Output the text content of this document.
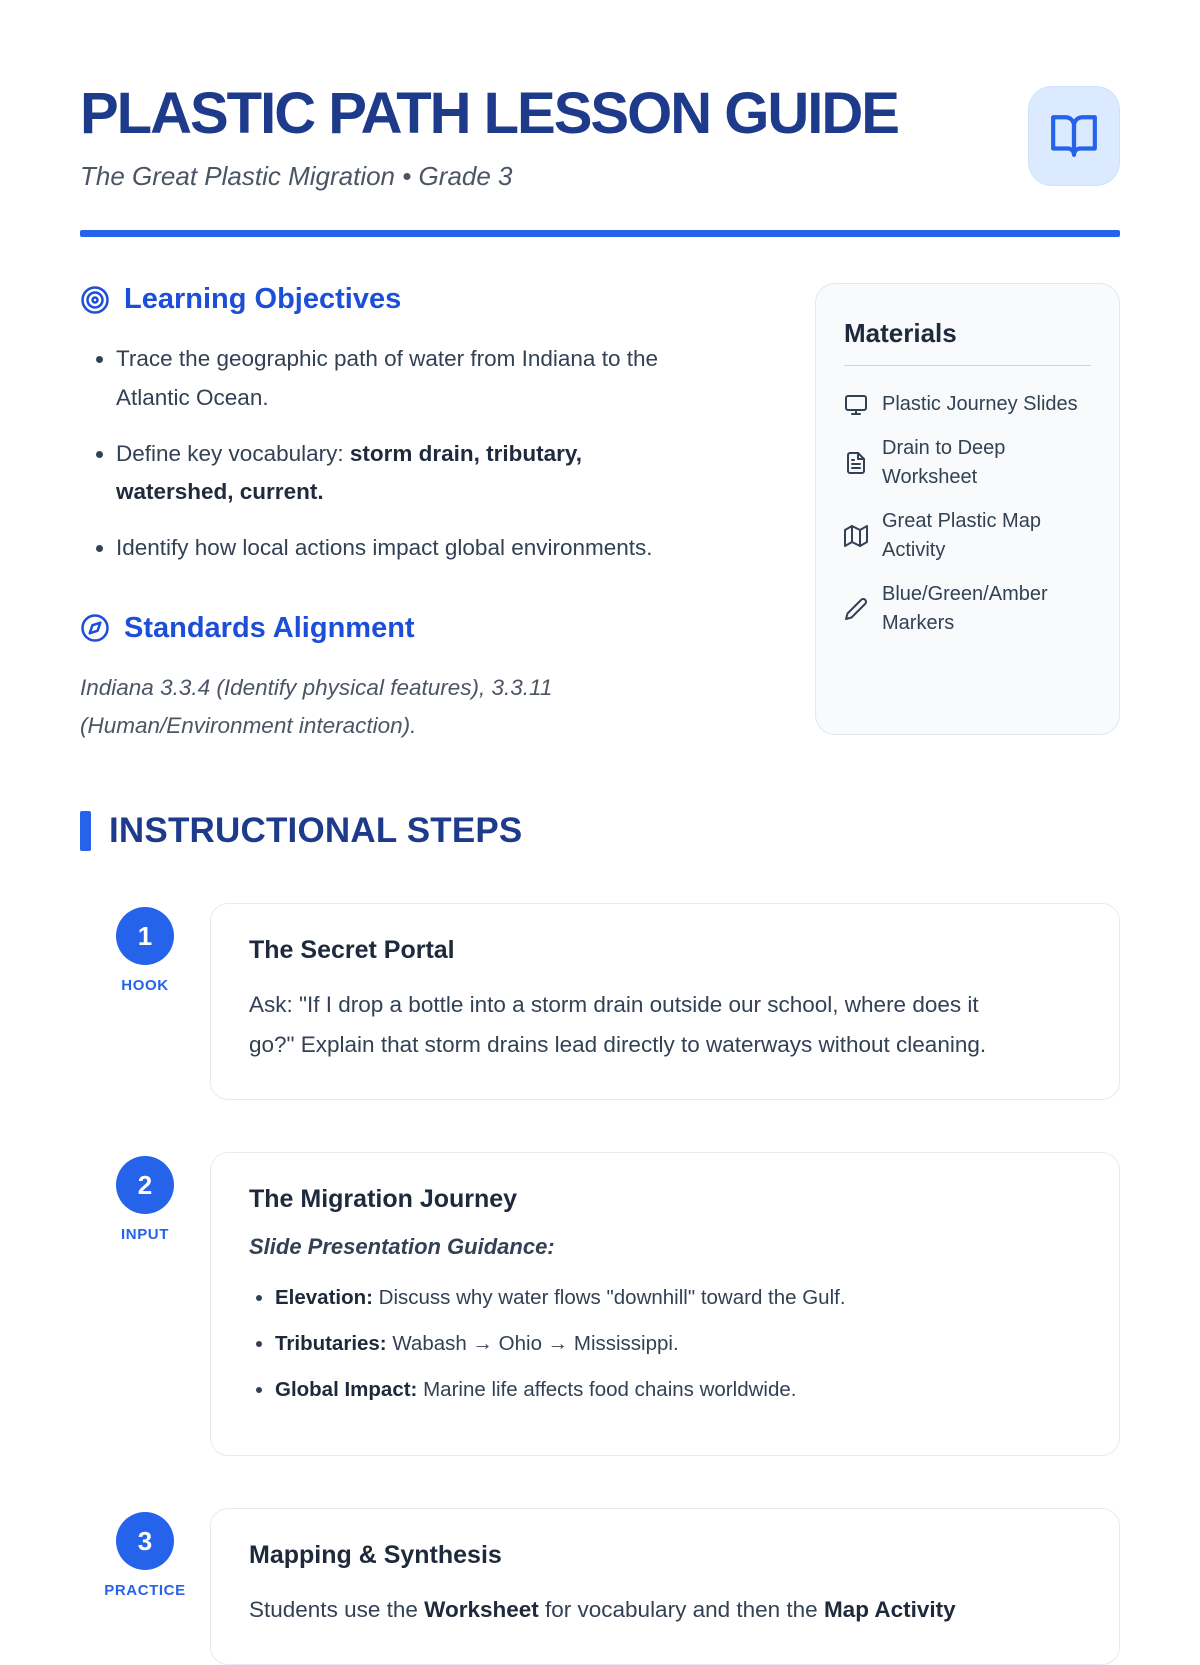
PLASTIC PATH LESSON GUIDE

The Great Plastic Migration • Grade 3

Learning Objectives
• Trace the geographic path of water from Indiana to the Atlantic Ocean.
• Define key vocabulary: storm drain, tributary, watershed, current.
• Identify how local actions impact global environments.
Standards Alignment

Indiana 3.3.4 (Identify physical features), 3.3.11 (Human/Environment interaction).

Materials
Plastic Journey Slides
Drain to Deep Worksheet
Great Plastic Map Activity
Blue/Green/Amber Markers
INSTRUCTIONAL STEPS
1
HOOK
The Secret Portal

Ask: "If I drop a bottle into a storm drain outside our school, where does it go?" Explain that storm drains lead directly to waterways without cleaning.

2
INPUT
The Migration Journey

Slide Presentation Guidance:

• Elevation: Discuss why water flows "downhill" toward the Gulf.
• Tributaries: Wabash → Ohio → Mississippi.
• Global Impact: Marine life affects food chains worldwide.
3
PRACTICE
Mapping & Synthesis

Students use the Worksheet for vocabulary and then the Map Activity
